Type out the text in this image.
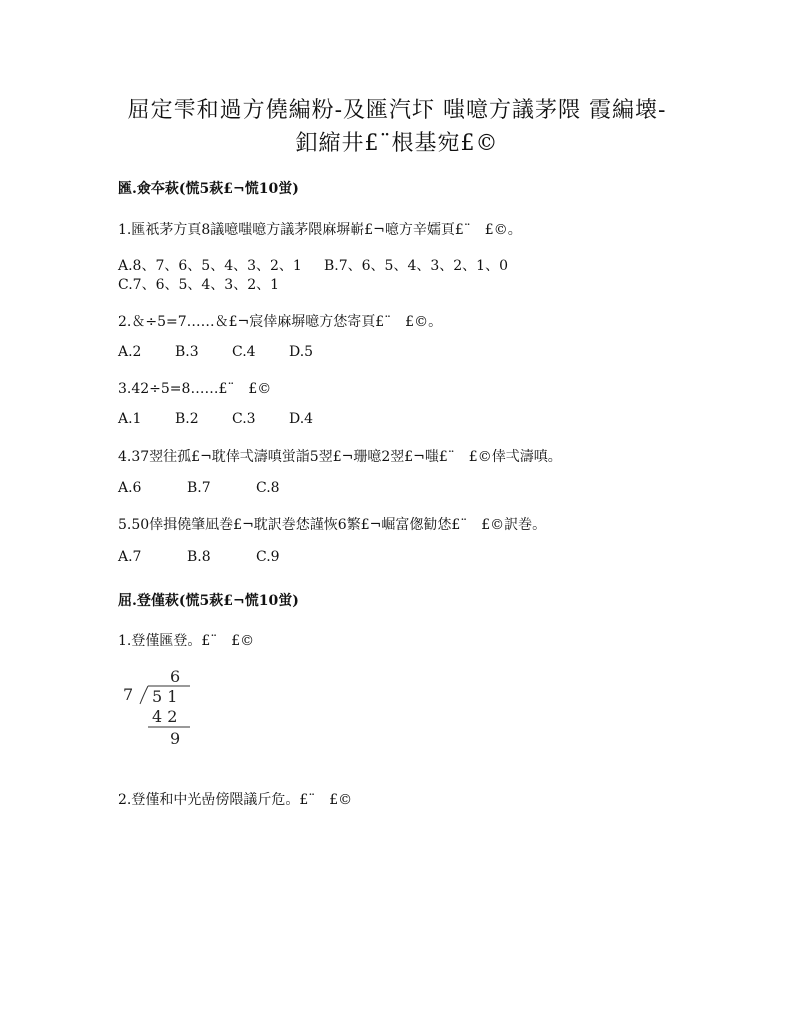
屈定雫和過方僥編粉-及匯汽圷 嗤噫方議茅隈 霞編壊-
釦縮井£¨根基宛£©
匯.僉夲萩(慌5萩£¬慌10蛍)
1.匯祇茅方頁8議噫嗤噫方議茅隈麻塀嶄£¬噫方辛嬬頁£¨　£©。
A.8、7、6、5、4、3、2、1 B.7、6、5、4、3、2、1、0
C.7、6、5、4、3、2、1
2.＆÷5=7……＆£¬宸倖麻塀噫方恷寄頁£¨　£©。
A.2 B.3 C.4 D.5
3.42÷5=8……£¨　£©
A.1 B.2 C.3 D.4
4.37翌往孤£¬耽倖弌濤嗔蛍詣5翌£¬珊噫2翌£¬嗤£¨　£©倖弌濤嗔。
A.6	B.7	C.8
5.50倖揖僥肇凪巻£¬耽訳巻恷謹恢6繁£¬崛富偬勧恷£¨　£©訳巻。
A.7	B.8	C.9
屈.登僅萩(慌5萩£¬慌10蛍)
1.登僅匯登。£¨　£©
6
7 5 1
4 2
9
2.登僅和中光嵒傍隈議斤危。£¨　£©
